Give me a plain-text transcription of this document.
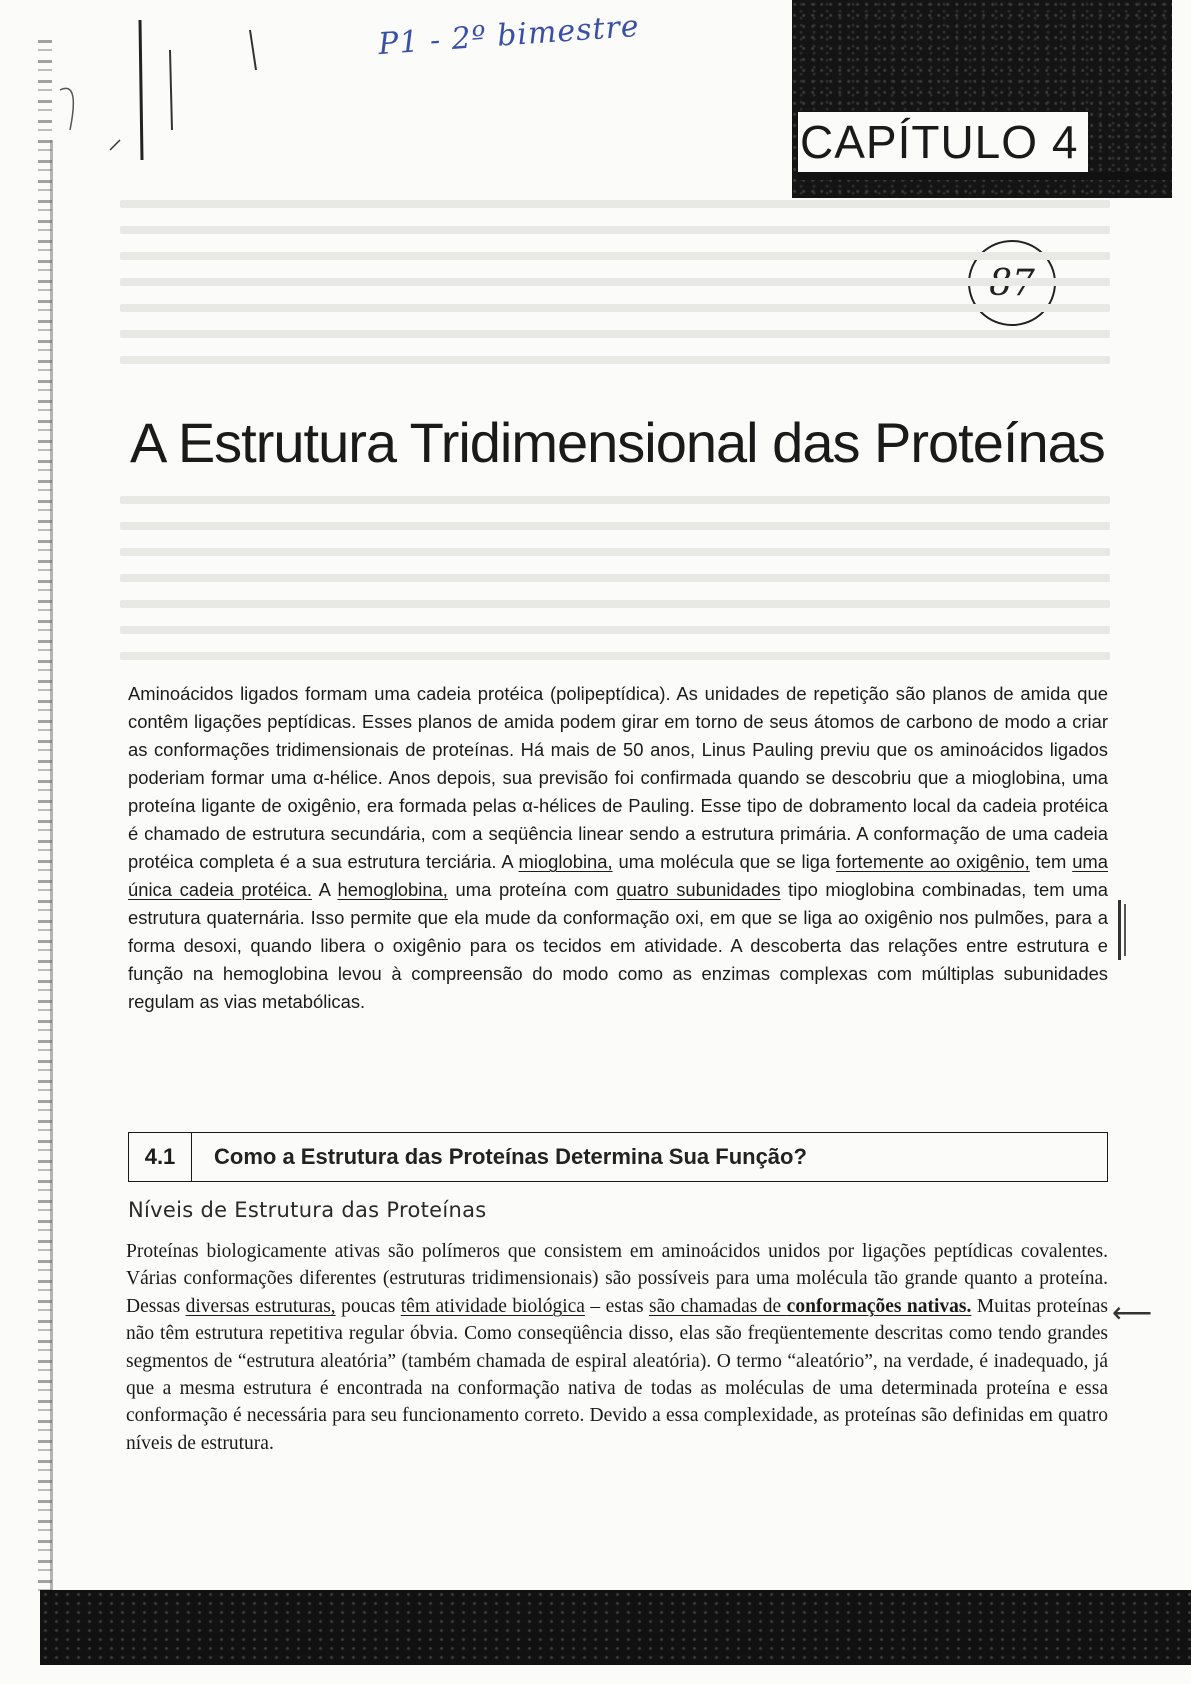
P1 - 2º bimestre
CAPÍTULO 4
A Estrutura Tridimensional das Proteínas

Aminoácidos ligados formam uma cadeia protéica (polipeptídica). As unidades de repetição são planos de amida que contêm ligações peptídicas. Esses planos de amida podem girar em torno de seus átomos de carbono de modo a criar as conformações tridimensionais de proteínas. Há mais de 50 anos, Linus Pauling previu que os aminoácidos ligados poderiam formar uma α-hélice. Anos depois, sua previsão foi confirmada quando se descobriu que a mioglobina, uma proteína ligante de oxigênio, era formada pelas α-hélices de Pauling. Esse tipo de dobramento local da cadeia protéica é chamado de estrutura secundária, com a seqüência linear sendo a estrutura primária. A conformação de uma cadeia protéica completa é a sua estrutura terciária. A mioglobina, uma molécula que se liga fortemente ao oxigênio, tem uma única cadeia protéica. A hemoglobina, uma proteína com quatro subunidades tipo mioglobina combinadas, tem uma estrutura quaternária. Isso permite que ela mude da conformação oxi, em que se liga ao oxigênio nos pulmões, para a forma desoxi, quando libera o oxigênio para os tecidos em atividade. A descoberta das relações entre estrutura e função na hemoglobina levou à compreensão do modo como as enzimas complexas com múltiplas subunidades regulam as vias metabólicas.

4.1	Como a Estrutura das Proteínas Determina Sua Função?
Níveis de Estrutura das Proteínas

Proteínas biologicamente ativas são polímeros que consistem em aminoácidos unidos por ligações peptídicas covalentes. Várias conformações diferentes (estruturas tridimensionais) são possíveis para uma molécula tão grande quanto a proteína. Dessas diversas estruturas, poucas têm atividade biológica – estas são chamadas de conformações nativas. Muitas proteínas não têm estrutura repetitiva regular óbvia. Como conseqüência disso, elas são freqüentemente descritas como tendo grandes segmentos de “estrutura aleatória” (também chamada de espiral aleatória). O termo “aleatório”, na verdade, é inadequado, já que a mesma estrutura é encontrada na conformação nativa de todas as moléculas de uma determinada proteína e essa conformação é necessária para seu funcionamento correto. Devido a essa complexidade, as proteínas são definidas em quatro níveis de estrutura.

⟵
